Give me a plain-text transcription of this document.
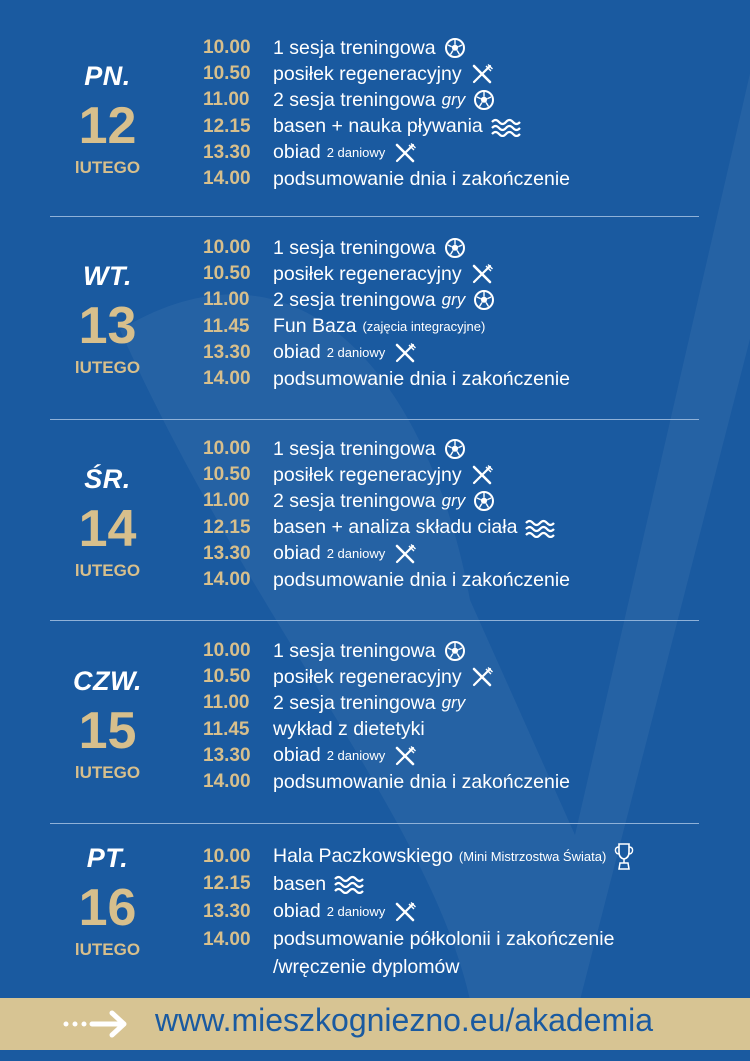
PN.
12
lUTEGO
10.00 1 sesja treningowa
10.50 posiłek regeneracyjny
11.00 2 sesja treningowa gry
12.15 basen + nauka pływania
13.30 obiad 2 daniowy
14.00 podsumowanie dnia i zakończenie
WT.
13
lUTEGO
10.00 1 sesja treningowa
10.50 posiłek regeneracyjny
11.00 2 sesja treningowa gry
11.45 Fun Baza (zajęcia integracyjne)
13.30 obiad 2 daniowy
14.00 podsumowanie dnia i zakończenie
ŚR.
14
lUTEGO
10.00 1 sesja treningowa
10.50 posiłek regeneracyjny
11.00 2 sesja treningowa gry
12.15 basen + analiza składu ciała
13.30 obiad 2 daniowy
14.00 podsumowanie dnia i zakończenie
CZW.
15
lUTEGO
10.00 1 sesja treningowa
10.50 posiłek regeneracyjny
11.00 2 sesja treningowa gry
11.45 wykład z dietetyki
13.30 obiad 2 daniowy
14.00 podsumowanie dnia i zakończenie
PT.
16
lUTEGO
10.00 Hala Paczkowskiego (Mini Mistrzostwa Świata)
12.15 basen
13.30 obiad 2 daniowy
14.00 podsumowanie półkolonii i zakończenie
/wręczenie dyplomów
www.mieszkogniezno.eu/akademia
